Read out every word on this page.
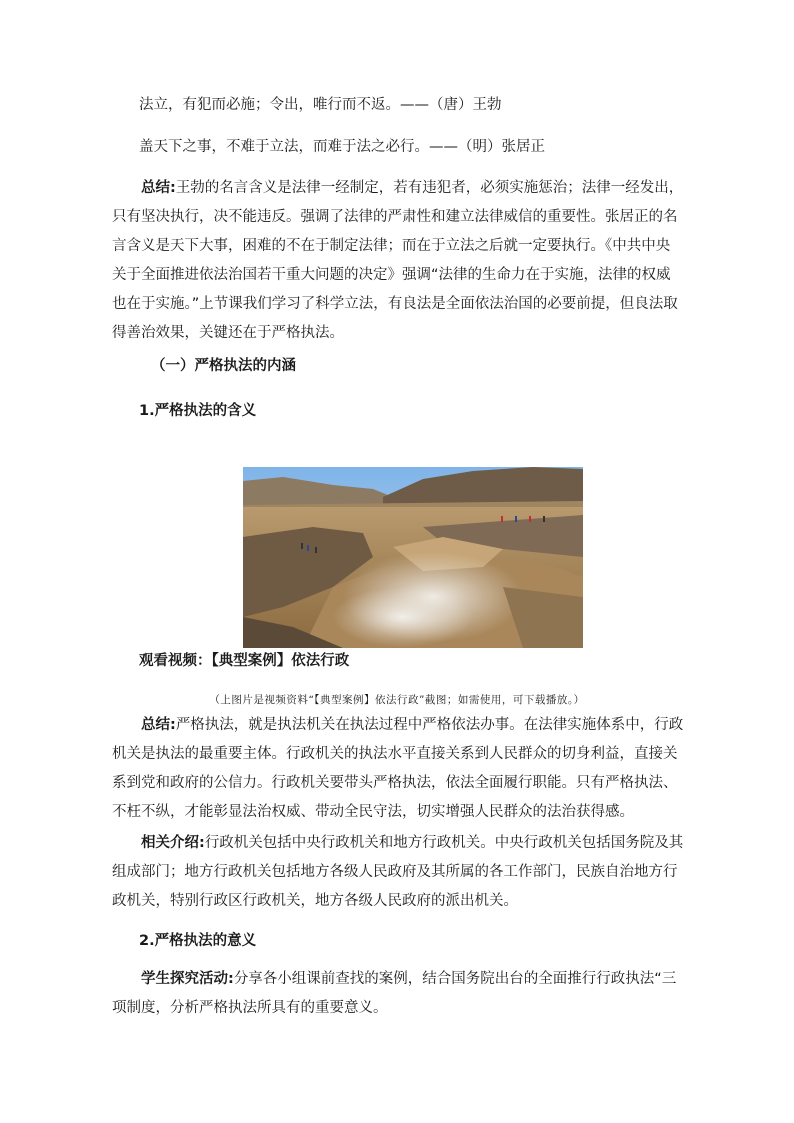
法立，有犯而必施；令出，唯行而不返。——（唐）王勃
盖天下之事，不难于立法，而难于法之必行。——（明）张居正
总结:王勃的名言含义是法律一经制定，若有违犯者，必须实施惩治；法律一经发出，只有坚决执行，决不能违反。强调了法律的严肃性和建立法律威信的重要性。张居正的名言含义是天下大事，困难的不在于制定法律；而在于立法之后就一定要执行。《中共中央关于全面推进依法治国若干重大问题的决定》强调“法律的生命力在于实施，法律的权威也在于实施。”上节课我们学习了科学立法，有良法是全面依法治国的必要前提，但良法取得善治效果，关键还在于严格执法。
（一）严格执法的内涵
1.严格执法的含义
观看视频：【典型案例】依法行政
（上图片是视频资料“【典型案例】依法行政”截图；如需使用，可下载播放。）
总结:严格执法，就是执法机关在执法过程中严格依法办事。在法律实施体系中，行政机关是执法的最重要主体。行政机关的执法水平直接关系到人民群众的切身利益，直接关系到党和政府的公信力。行政机关要带头严格执法，依法全面履行职能。只有严格执法、不枉不纵，才能彰显法治权威、带动全民守法，切实增强人民群众的法治获得感。
相关介绍:行政机关包括中央行政机关和地方行政机关。中央行政机关包括国务院及其组成部门；地方行政机关包括地方各级人民政府及其所属的各工作部门，民族自治地方行政机关，特别行政区行政机关，地方各级人民政府的派出机关。
2.严格执法的意义
学生探究活动:分享各小组课前查找的案例，结合国务院出台的全面推行行政执法“三项制度，分析严格执法所具有的重要意义。
